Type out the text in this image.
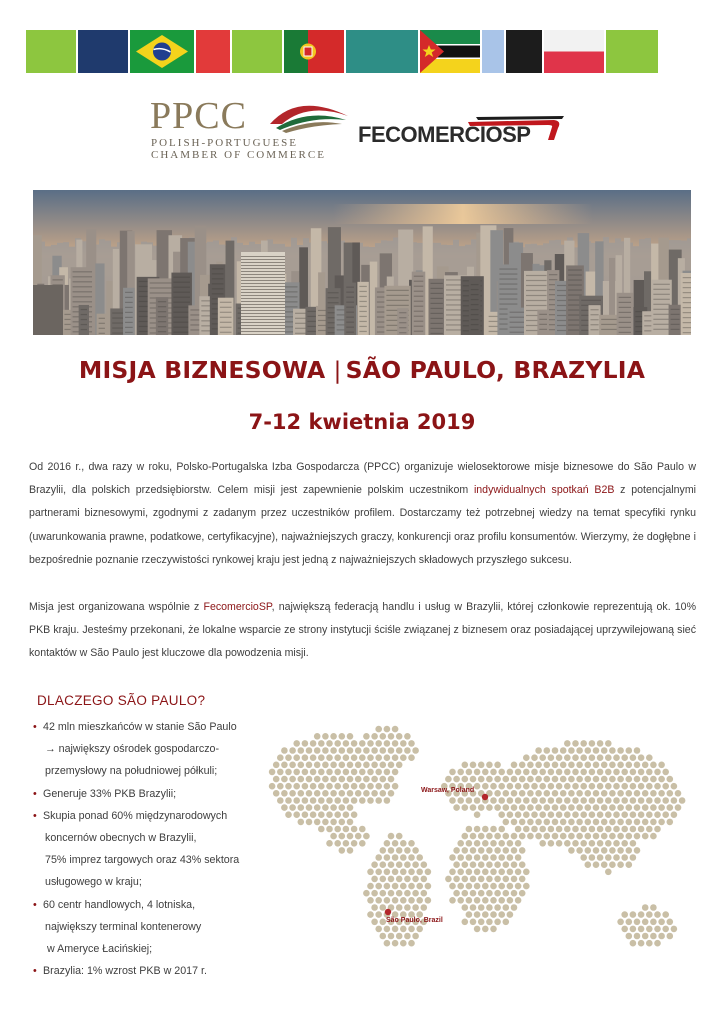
PPCC
POLISH-PORTUGUESE
CHAMBER OF COMMERCE
FECOMERCIOSP
MISJA BIZNESOWA | SÃO PAULO, BRAZYLIA
7-12 kwietnia 2019
Od 2016 r., dwa razy w roku, Polsko-Portugalska Izba Gospodarcza (PPCC) organizuje wielosektorowe misje biznesowe do São Paulo w Brazylii, dla polskich przedsiębiorstw. Celem misji jest zapewnienie polskim uczestnikom indywidualnych spotkań B2B z potencjalnymi partnerami biznesowymi, zgodnymi z zadanym przez uczestników profilem. Dostarczamy też potrzebnej wiedzy na temat specyfiki rynku (uwarunkowania prawne, podatkowe, certyfikacyjne), najważniejszych graczy, konkurencji oraz profilu konsumentów. Wierzymy, że dogłębne i bezpośrednie poznanie rzeczywistości rynkowej kraju jest jedną z najważniejszych składowych przyszłego sukcesu.
Misja jest organizowana wspólnie z FecomercioSP, największą federacją handlu i usług w Brazylii, której członkowie reprezentują ok. 10% PKB kraju. Jesteśmy przekonani, że lokalne wsparcie ze strony instytucji ściśle związanej z biznesem oraz posiadającej uprzywilejowaną sieć kontaktów w São Paulo jest kluczowe dla powodzenia misji.
DLACZEGO SÃO PAULO?
• 42 mln mieszkańców w stanie São Paulo
→ największy ośrodek gospodarczo-
przemysłowy na południowej półkuli;
• Generuje 33% PKB Brazylii;
• Skupia ponad 60% międzynarodowych
koncernów obecnych w Brazylii,
75% imprez targowych oraz 43% sektora
usługowego w kraju;
• 60 centr handlowych, 4 lotniska,
największy terminal kontenerowy
w Ameryce Łacińskiej;
• Brazylia: 1% wzrost PKB w 2017 r.
Warsaw, Poland
São Paulo, Brazil
